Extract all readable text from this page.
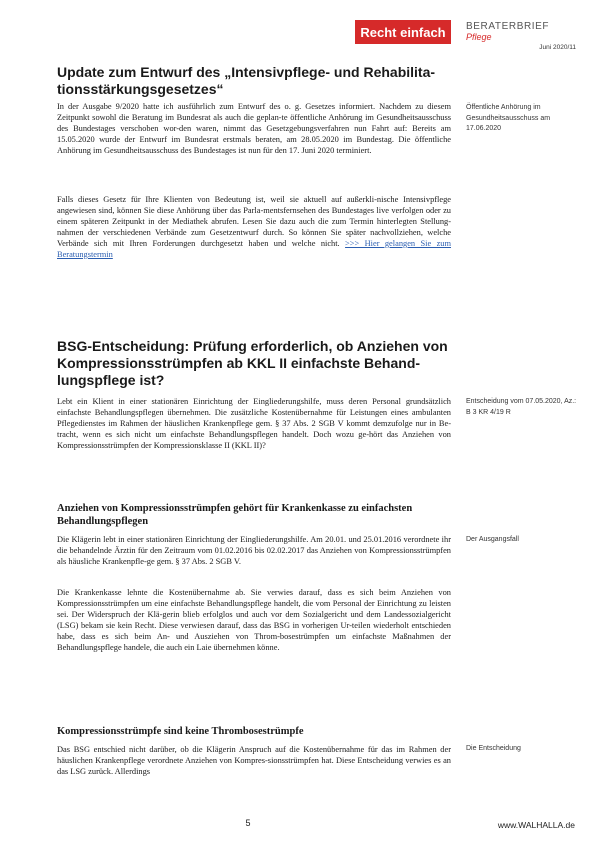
Recht einfach	BERATERBRIEF Pflege
Juni 2020/11
Update zum Entwurf des „Intensivpflege- und Rehabilita-tionsstärkungsgesetzes“

In der Ausgabe 9/2020 hatte ich ausführlich zum Entwurf des o. g. Gesetzes informiert. Nachdem zu diesem Zeitpunkt sowohl die Beratung im Bundesrat als auch die geplan-te öffentliche Anhörung im Gesundheitsausschuss des Bundestages verschoben wor-den waren, nimmt das Gesetzgebungsverfahren nun Fahrt auf: Bereits am 15.05.2020 wurde der Entwurf im Bundesrat erstmals beraten, am 28.05.2020 im Bundestag. Die öffentliche Anhörung im Gesundheitsausschuss des Bundestages ist nun für den 17. Juni 2020 terminiert.

Falls dieses Gesetz für Ihre Klienten von Bedeutung ist, weil sie aktuell auf außerkli-nische Intensivpflege angewiesen sind, können Sie diese Anhörung über das Parla-mentsfernsehen des Bundestages live verfolgen oder zu einem späteren Zeitpunkt in der Mediathek abrufen. Lesen Sie dazu auch die zum Termin hinterlegten Stellung-nahmen der verschiedenen Verbände zum Gesetzentwurf durch. So können Sie später nachvollziehen, welche Verbände sich mit Ihren Forderungen durchgesetzt haben und welche nicht. >>> Hier gelangen Sie zum Beratungstermin

Öffentliche Anhörung im Gesundheitsausschuss am 17.06.2020
BSG-Entscheidung: Prüfung erforderlich, ob Anziehen von Kompressionsstrümpfen ab KKL II einfachste Behand-lungspflege ist?

Lebt ein Klient in einer stationären Einrichtung der Eingliederungshilfe, muss deren Personal grundsätzlich einfachste Behandlungspflegen übernehmen. Die zusätzliche Kostenübernahme für Leistungen eines ambulanten Pflegedienstes im Rahmen der häuslichen Krankenpflege gem. § 37 Abs. 2 SGB V kommt demzufolge nur in Be-tracht, wenn es sich nicht um einfachste Behandlungspflegen handelt. Doch wozu ge-hört das Anziehen von Kompressionsstrümpfen der Kompressionsklasse II (KKL II)?

Entscheidung vom 07.05.2020, Az.: B 3 KR 4/19 R
Anziehen von Kompressionsstrümpfen gehört für Krankenkasse zu einfachsten Behandlungspflegen

Die Klägerin lebt in einer stationären Einrichtung der Eingliederungshilfe. Am 20.01. und 25.01.2016 verordnete ihr die behandelnde Ärztin für den Zeitraum vom 01.02.2016 bis 02.02.2017 das Anziehen von Kompressionsstrümpfen als häusliche Krankenpfle-ge gem. § 37 Abs. 2 SGB V.

Die Krankenkasse lehnte die Kostenübernahme ab. Sie verwies darauf, dass es sich beim Anziehen von Kompressionsstrümpfen um eine einfachste Behandlungspflege handelt, die vom Personal der Einrichtung zu leisten sei. Der Widerspruch der Klä-gerin blieb erfolglos und auch vor dem Sozialgericht und dem Landessozialgericht (LSG) bekam sie kein Recht. Diese verwiesen darauf, dass das BSG in vorherigen Ur-teilen wiederholt entschieden habe, dass es sich beim An- und Ausziehen von Throm-bosestrümpfen um einfachste Maßnahmen der Behandlungspflege handele, die auch ein Laie übernehmen könne.

Der Ausgangsfall
Kompressionsstrümpfe sind keine Thrombosestrümpfe

Das BSG entschied nicht darüber, ob die Klägerin Anspruch auf die Kostenübernahme für das im Rahmen der häuslichen Krankenpflege verordnete Anziehen von Kompres-sionsstrümpfen hat. Diese Entscheidung verwies es an das LSG zurück. Allerdings

Die Entscheidung
5	www.WALHALLA.de
